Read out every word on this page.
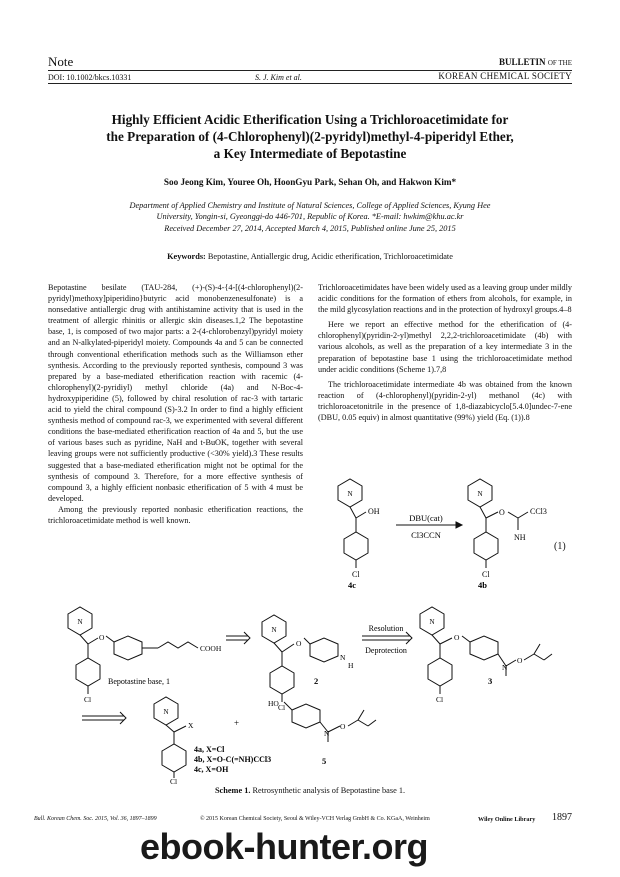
Note
DOI: 10.1002/bkcs.10331	S. J. Kim et al.
BULLETIN OF THE
KOREAN CHEMICAL SOCIETY
Highly Efficient Acidic Etherification Using a Trichloroacetimidate for
the Preparation of (4-Chlorophenyl)(2-pyridyl)methyl-4-piperidyl Ether,
a Key Intermediate of Bepotastine
Soo Jeong Kim, Youree Oh, HoonGyu Park, Sehan Oh, and Hakwon Kim*
Department of Applied Chemistry and Institute of Natural Sciences, College of Applied Sciences, Kyung Hee
University, Yongin-si, Gyeonggi-do 446-701, Republic of Korea. *E-mail: hwkim@khu.ac.kr
Received December 27, 2014, Accepted March 4, 2015, Published online June 25, 2015
Keywords: Bepotastine, Antiallergic drug, Acidic etherification, Trichloroacetimidate

Bepotastine besilate (TAU-284, (+)-(S)-4-{4-[(4-chlorophenyl)(2-pyridyl)methoxy]piperidino}butyric acid monobenzenesulfonate) is a nonsedative antiallergic drug with antihistamine activity that is used in the treatment of allergic rhinitis or allergic skin diseases.1,2 The bepotastine base, 1, is composed of two major parts: a 2-(4-chlorobenzyl)pyridyl moiety and an N-alkylated-piperidyl moiety. Compounds 4a and 5 can be connected through conventional etherification methods such as the Williamson ether synthesis. According to the previously reported synthesis, compound 3 was prepared by a base-mediated etherification reaction with racemic (4-chlorophenyl)(2-pyridiyl) methyl chloride (4a) and N-Boc-4-hydroxypiperidine (5), followed by chiral resolution of rac-3 with tartaric acid to yield the chiral compound (S)-3.2 In order to find a highly efficient synthesis method of compound rac-3, we experimented with several different conditions the base-mediated etherification reaction of 4a and 5, but the use of various bases such as pyridine, NaH and t-BuOK, together with several leaving groups were not sufficiently productive (<30% yield).3 These results suggested that a base-mediated etherification might not be optimal for the synthesis of compound 3. Therefore, for a more effective synthesis of compound 3, a highly efficient nonbasic etherification of 5 with 4 must be developed.

Among the previously reported nonbasic etherification reactions, the trichloroacetimidate method is well known.

Trichloroacetimidates have been widely used as a leaving group under mildly acidic conditions for the formation of ethers from alcohols, for example, in the mild glycosylation reactions and in the protection of hydroxyl groups.4–8

Here we report an effective method for the etherification of (4-chlorophenyl)(pyridin-2-yl)methyl 2,2,2-trichloroacetimidate (4b) with various alcohols, as well as the preparation of a key intermediate 3 in the preparation of bepotastine base 1 using the trichloroacetimidate method under acidic conditions (Scheme 1).7,8

The trichloroacetimidate intermediate 4b was obtained from the known reaction of (4-chlorophenyl)(pyridin-2-yl) methanol (4c) with trichloroacetonitrile in the presence of 1,8-diazabicyclo[5.4.0]undec-7-ene (DBU, 0.05 equiv) in almost quantitative (99%) yield (Eq. (1)).8

N
OH
Cl
4c
DBU(cat)
Cl3CCN
N
O	CCl3
NH
Cl
4b
(1)
N
O
COOH
Cl
Bepotastine base, 1
N
O
N
H
Cl
2
Resolution
Deprotection
N
O
N
O
Cl
3
N
X
4a, X=Cl
4b, X=O-C(=NH)CCl3
4c, X=OH
Cl
+
HO
N
O
5
Scheme 1. Retrosynthetic analysis of Bepotastine base 1.
Bull. Korean Chem. Soc. 2015, Vol. 36, 1897–1899	© 2015 Korean Chemical Society, Seoul & Wiley-VCH Verlag GmbH & Co. KGaA, Weinheim	Wiley Online Library 1897
ebook-hunter.org
